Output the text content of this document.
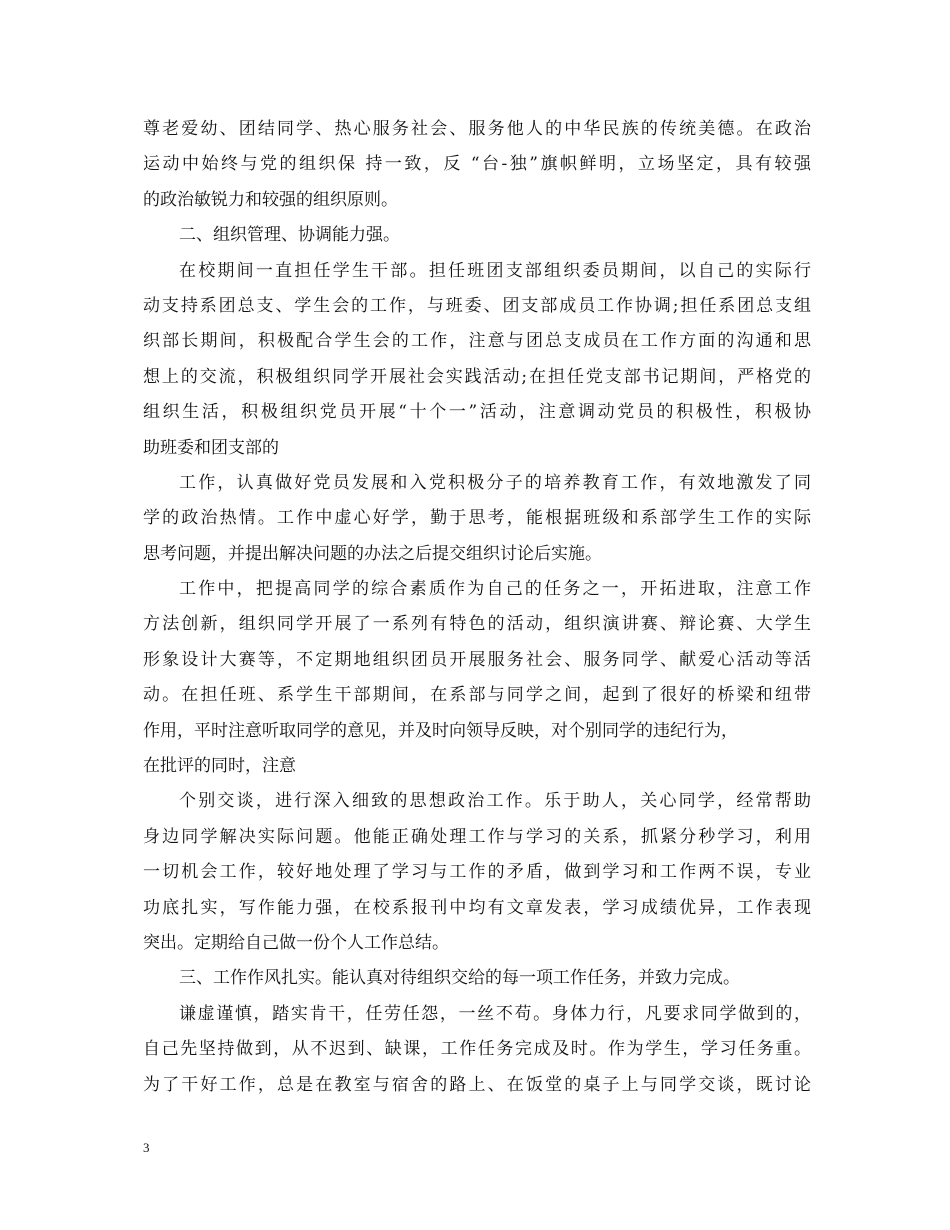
尊老爱幼、团结同学、热心服务社会、服务他人的中华民族的传统美德。在政治
运动中始终与党的组织保 持一致，反 “台-独”旗帜鲜明，立场坚定，具有较强
的政治敏锐力和较强的组织原则。
二、组织管理、协调能力强。
在校期间一直担任学生干部。担任班团支部组织委员期间，以自己的实际行
动支持系团总支、学生会的工作，与班委、团支部成员工作协调;担任系团总支组
织部长期间，积极配合学生会的工作，注意与团总支成员在工作方面的沟通和思
想上的交流，积极组织同学开展社会实践活动;在担任党支部书记期间，严格党的
组织生活，积极组织党员开展“十个一”活动，注意调动党员的积极性，积极协
助班委和团支部的
工作，认真做好党员发展和入党积极分子的培养教育工作，有效地激发了同
学的政治热情。工作中虚心好学，勤于思考，能根据班级和系部学生工作的实际
思考问题，并提出解决问题的办法之后提交组织讨论后实施。
工作中，把提高同学的综合素质作为自己的任务之一，开拓进取，注意工作
方法创新，组织同学开展了一系列有特色的活动，组织演讲赛、辩论赛、大学生
形象设计大赛等，不定期地组织团员开展服务社会、服务同学、献爱心活动等活
动。在担任班、系学生干部期间，在系部与同学之间，起到了很好的桥梁和纽带
作用，平时注意听取同学的意见，并及时向领导反映，对个别同学的违纪行为，
在批评的同时，注意
个别交谈，进行深入细致的思想政治工作。乐于助人，关心同学，经常帮助
身边同学解决实际问题。他能正确处理工作与学习的关系，抓紧分秒学习，利用
一切机会工作，较好地处理了学习与工作的矛盾，做到学习和工作两不误，专业
功底扎实，写作能力强，在校系报刊中均有文章发表，学习成绩优异，工作表现
突出。定期给自己做一份个人工作总结。
三、工作作风扎实。能认真对待组织交给的每一项工作任务，并致力完成。
谦虚谨慎，踏实肯干，任劳任怨，一丝不苟。身体力行，凡要求同学做到的，
自己先坚持做到，从不迟到、缺课，工作任务完成及时。作为学生，学习任务重。
为了干好工作，总是在教室与宿舍的路上、在饭堂的桌子上与同学交谈，既讨论
3
